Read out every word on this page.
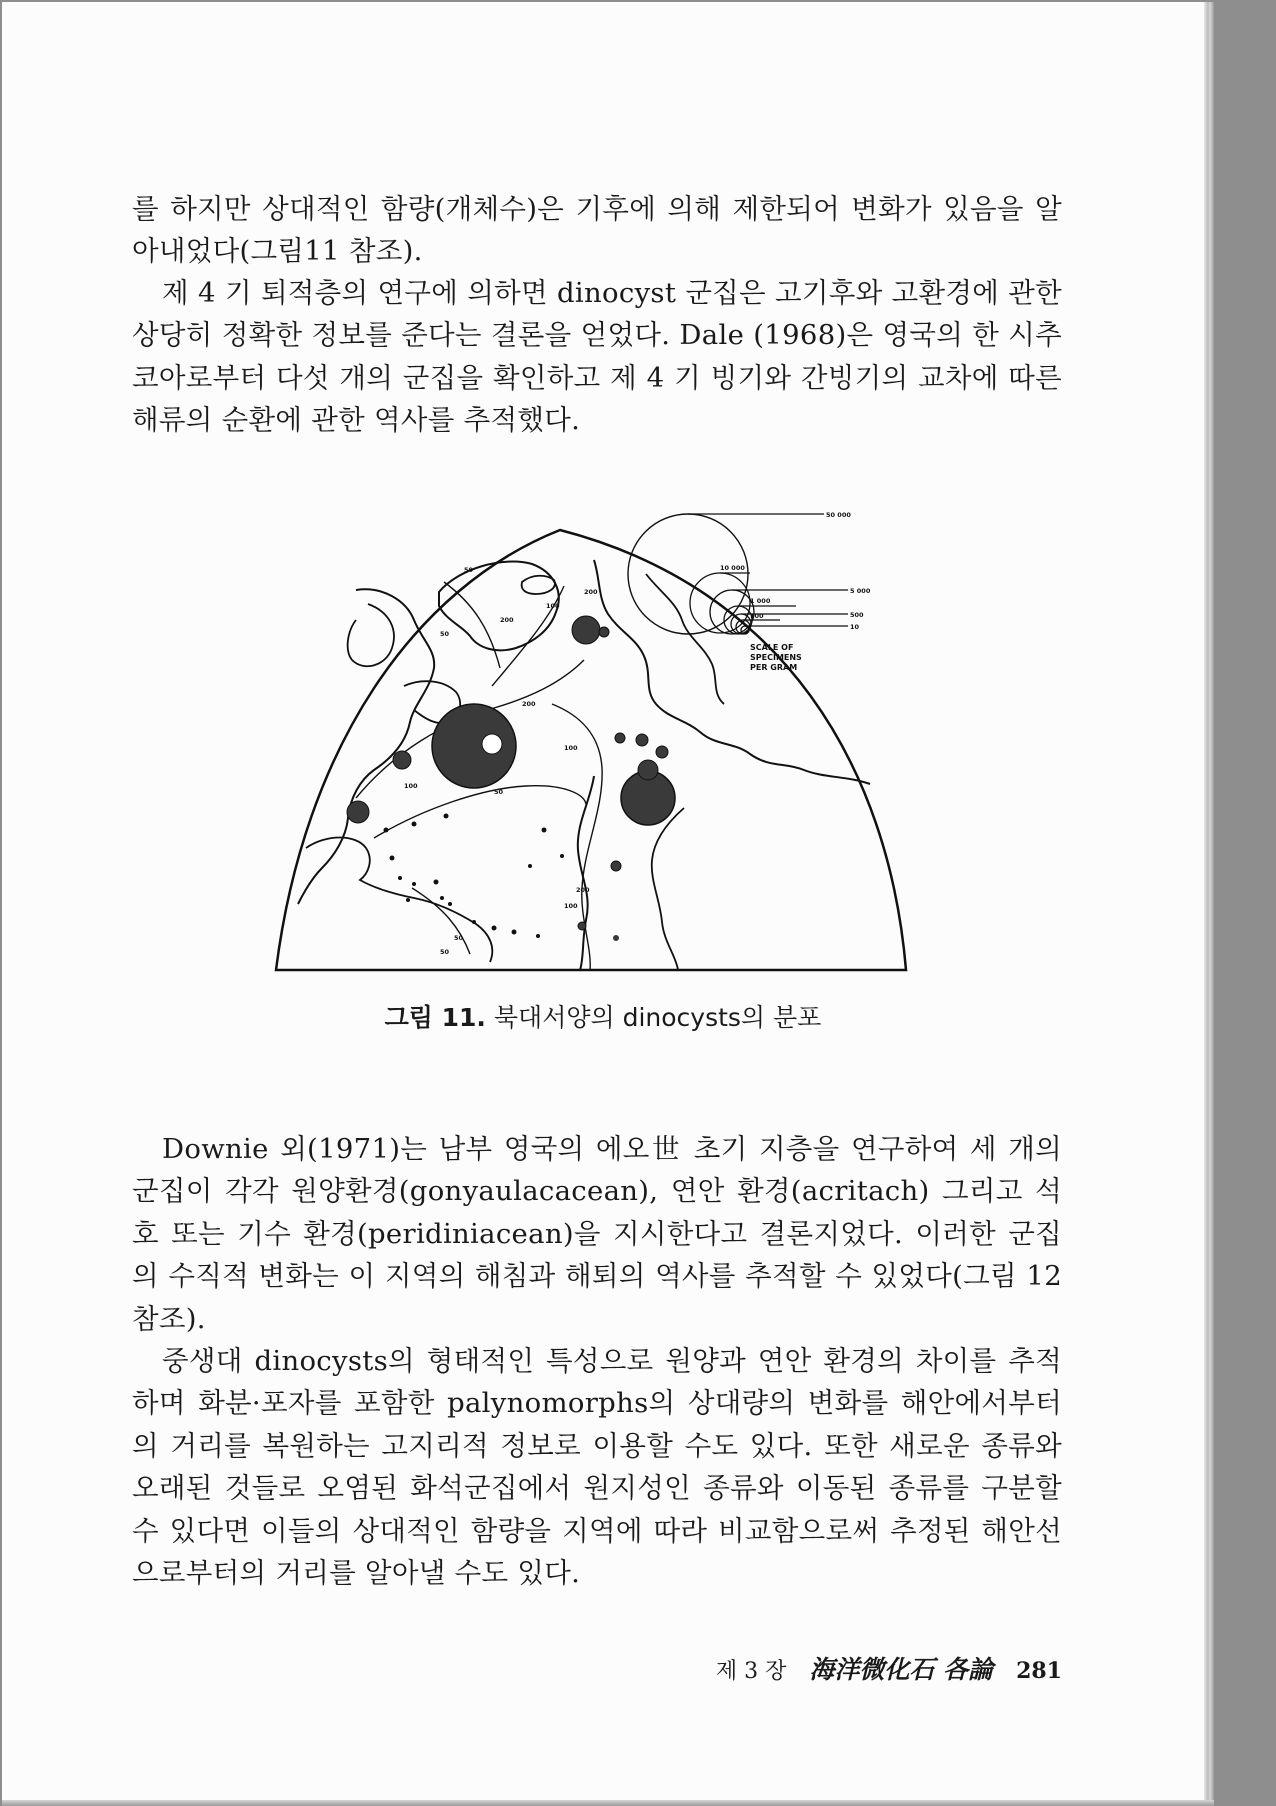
를 하지만 상대적인 함량(개체수)은 기후에 의해 제한되어 변화가 있음을 알아내었다(그림11 참조).

제 4 기 퇴적층의 연구에 의하면 dinocyst 군집은 고기후와 고환경에 관한 상당히 정확한 정보를 준다는 결론을 얻었다. Dale (1968)은 영국의 한 시추코아로부터 다섯 개의 군집을 확인하고 제 4 기 빙기와 간빙기의 교차에 따른 해류의 순환에 관한 역사를 추적했다.

50
200
100
50
200
100
50
200
100
50
200
100
50
50 000
10 000
5 000
1 000
500
100
10
SCALE OF
SPECIMENS
PER GRAM
그림 11. 북대서양의 dinocysts의 분포

Downie 외(1971)는 남부 영국의 에오世 초기 지층을 연구하여 세 개의 군집이 각각 원양환경(gonyaulacacean), 연안 환경(acritach) 그리고 석호 또는 기수 환경(peridiniacean)을 지시한다고 결론지었다. 이러한 군집의 수직적 변화는 이 지역의 해침과 해퇴의 역사를 추적할 수 있었다(그림 12 참조).

중생대 dinocysts의 형태적인 특성으로 원양과 연안 환경의 차이를 추적하며 화분·포자를 포함한 palynomorphs의 상대량의 변화를 해안에서부터의 거리를 복원하는 고지리적 정보로 이용할 수도 있다. 또한 새로운 종류와 오래된 것들로 오염된 화석군집에서 원지성인 종류와 이동된 종류를 구분할 수 있다면 이들의 상대적인 함량을 지역에 따라 비교함으로써 추정된 해안선으로부터의 거리를 알아낼 수도 있다.

제 3 장 海洋微化石 各論 281
